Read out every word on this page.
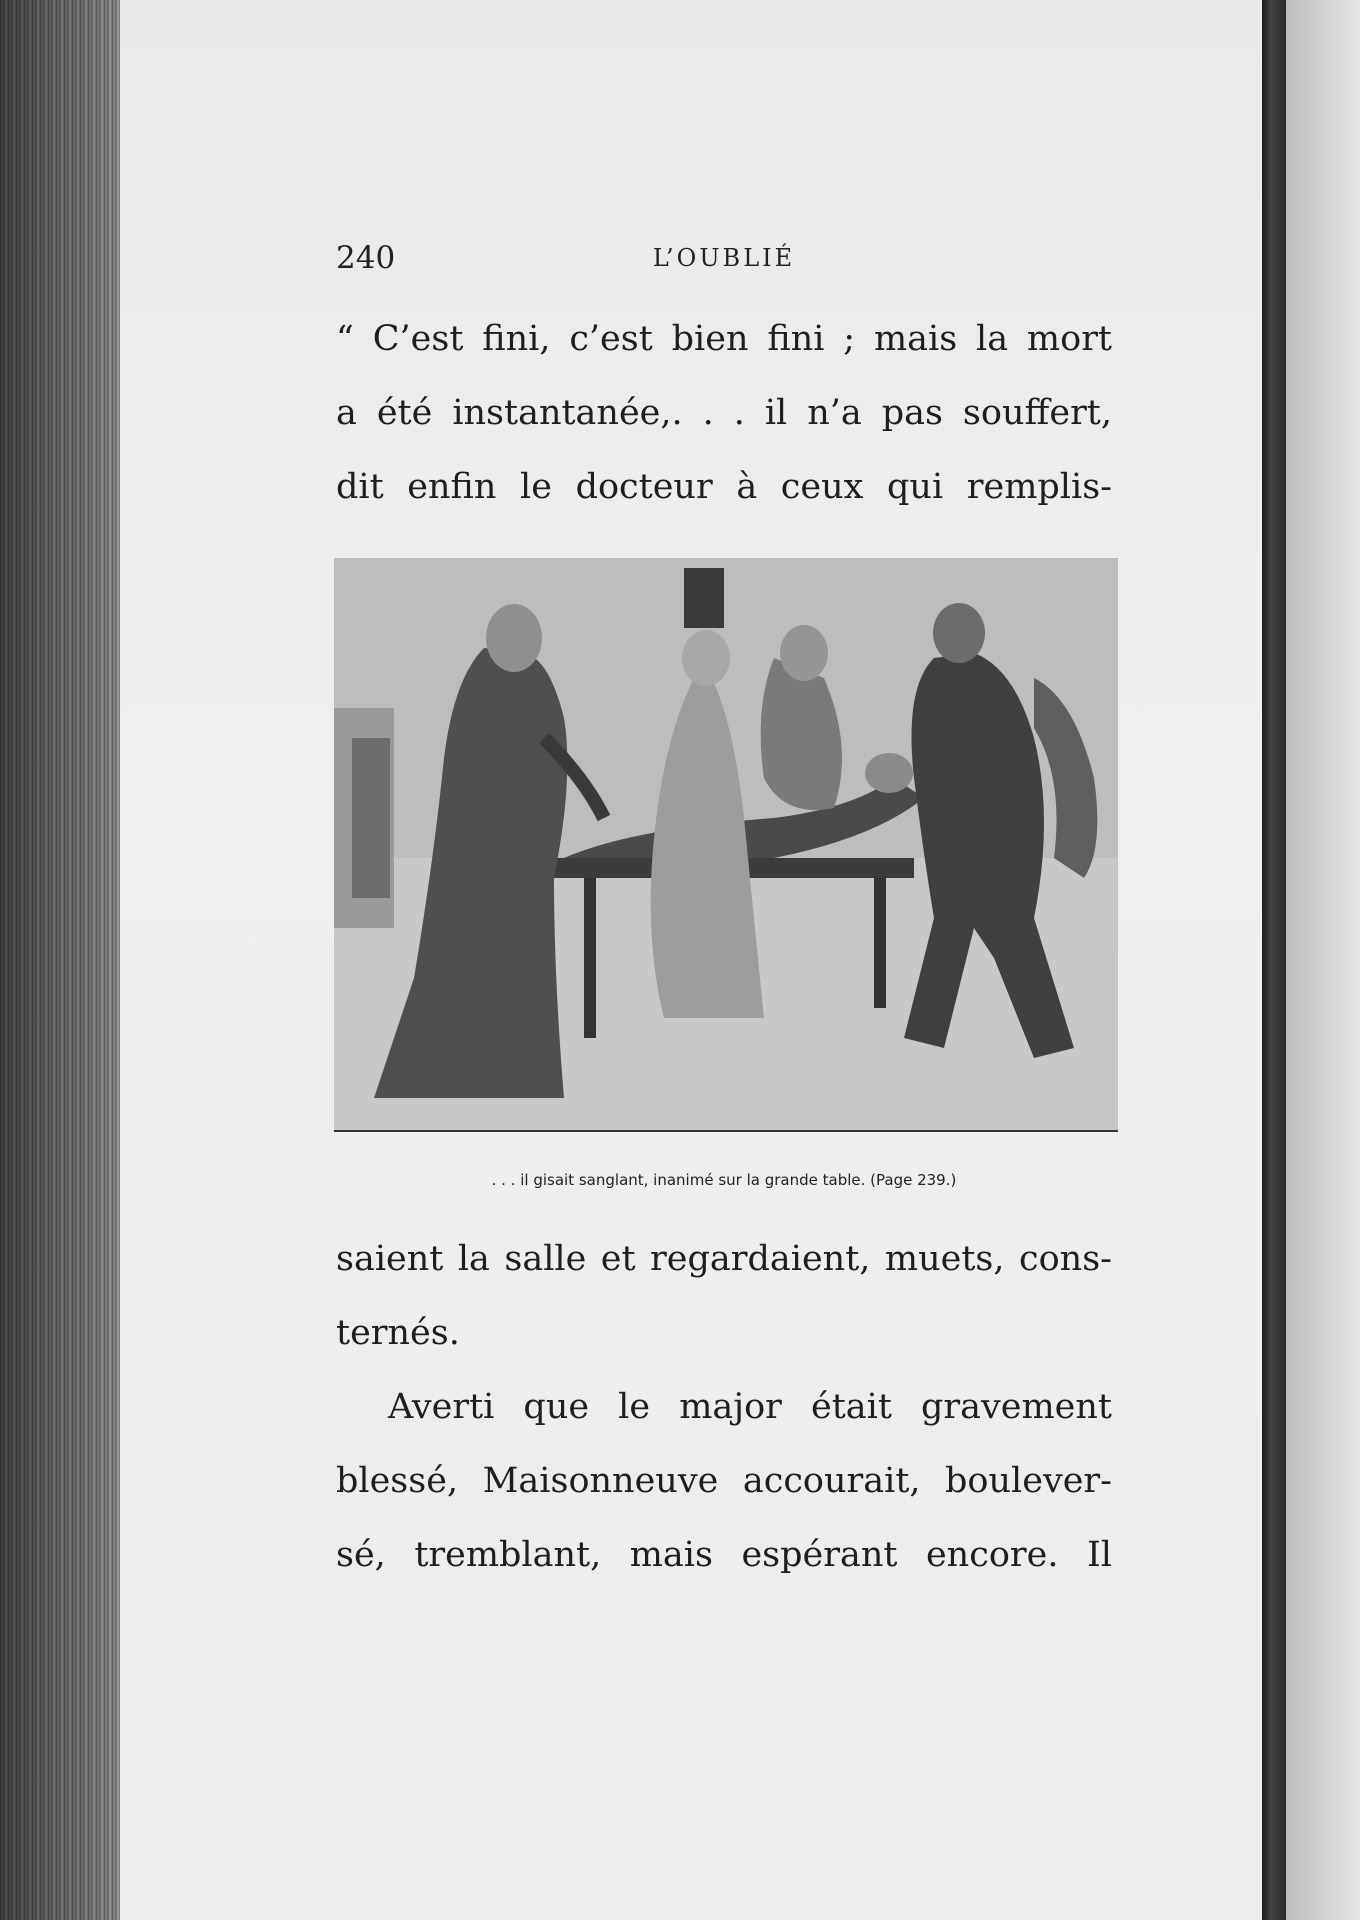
240	L’OUBLIÉ
“ C’est fini, c’est bien fini ; mais la mort
a été instantanée,. . . il n’a pas souffert,
dit enfin le docteur à ceux qui remplis-
. . . il gisait sanglant, inanimé sur la grande table. (Page 239.)
saient la salle et regardaient, muets, cons-
ternés.
Averti que le major était gravement
blessé, Maisonneuve accourait, boulever-
sé, tremblant, mais espérant encore. Il
